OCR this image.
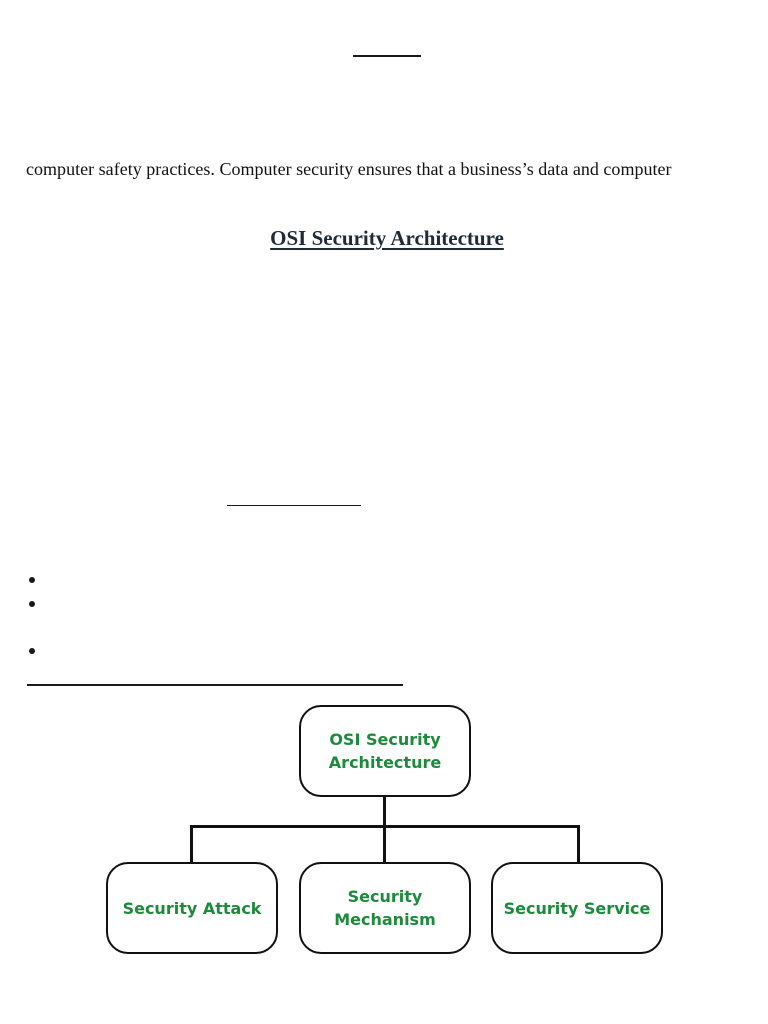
computer safety practices. Computer security ensures that a business’s data and computer
OSI Security Architecture
OSI Security
Architecture
Security Attack
Security
Mechanism
Security Service
